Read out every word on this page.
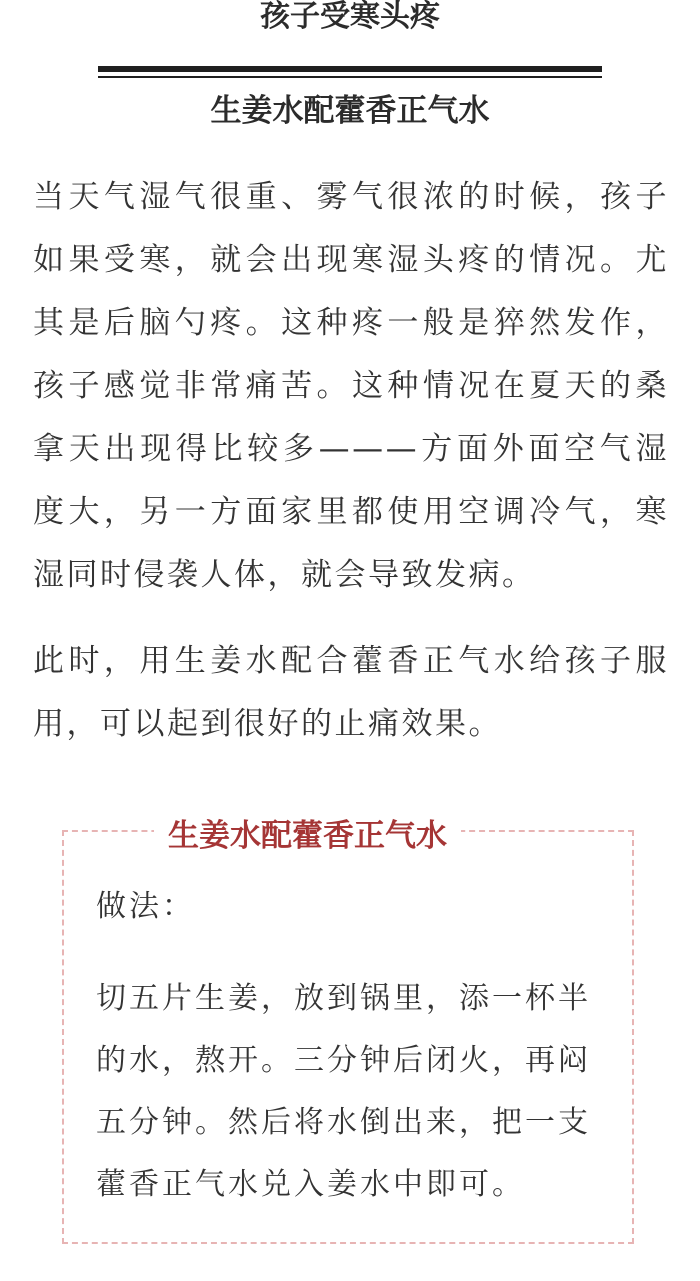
孩子受寒头疼
生姜水配藿香正气水

当天气湿气很重、雾气很浓的时候，孩子如果受寒，就会出现寒湿头疼的情况。尤其是后脑勺疼。这种疼一般是猝然发作，孩子感觉非常痛苦。这种情况在夏天的桑拿天出现得比较多———方面外面空气湿度大，另一方面家里都使用空调冷气，寒湿同时侵袭人体，就会导致发病。

此时，用生姜水配合藿香正气水给孩子服用，可以起到很好的止痛效果。

生姜水配藿香正气水

做法：

切五片生姜，放到锅里，添一杯半的水，熬开。三分钟后闭火，再闷五分钟。然后将水倒出来，把一支藿香正气水兑入姜水中即可。
